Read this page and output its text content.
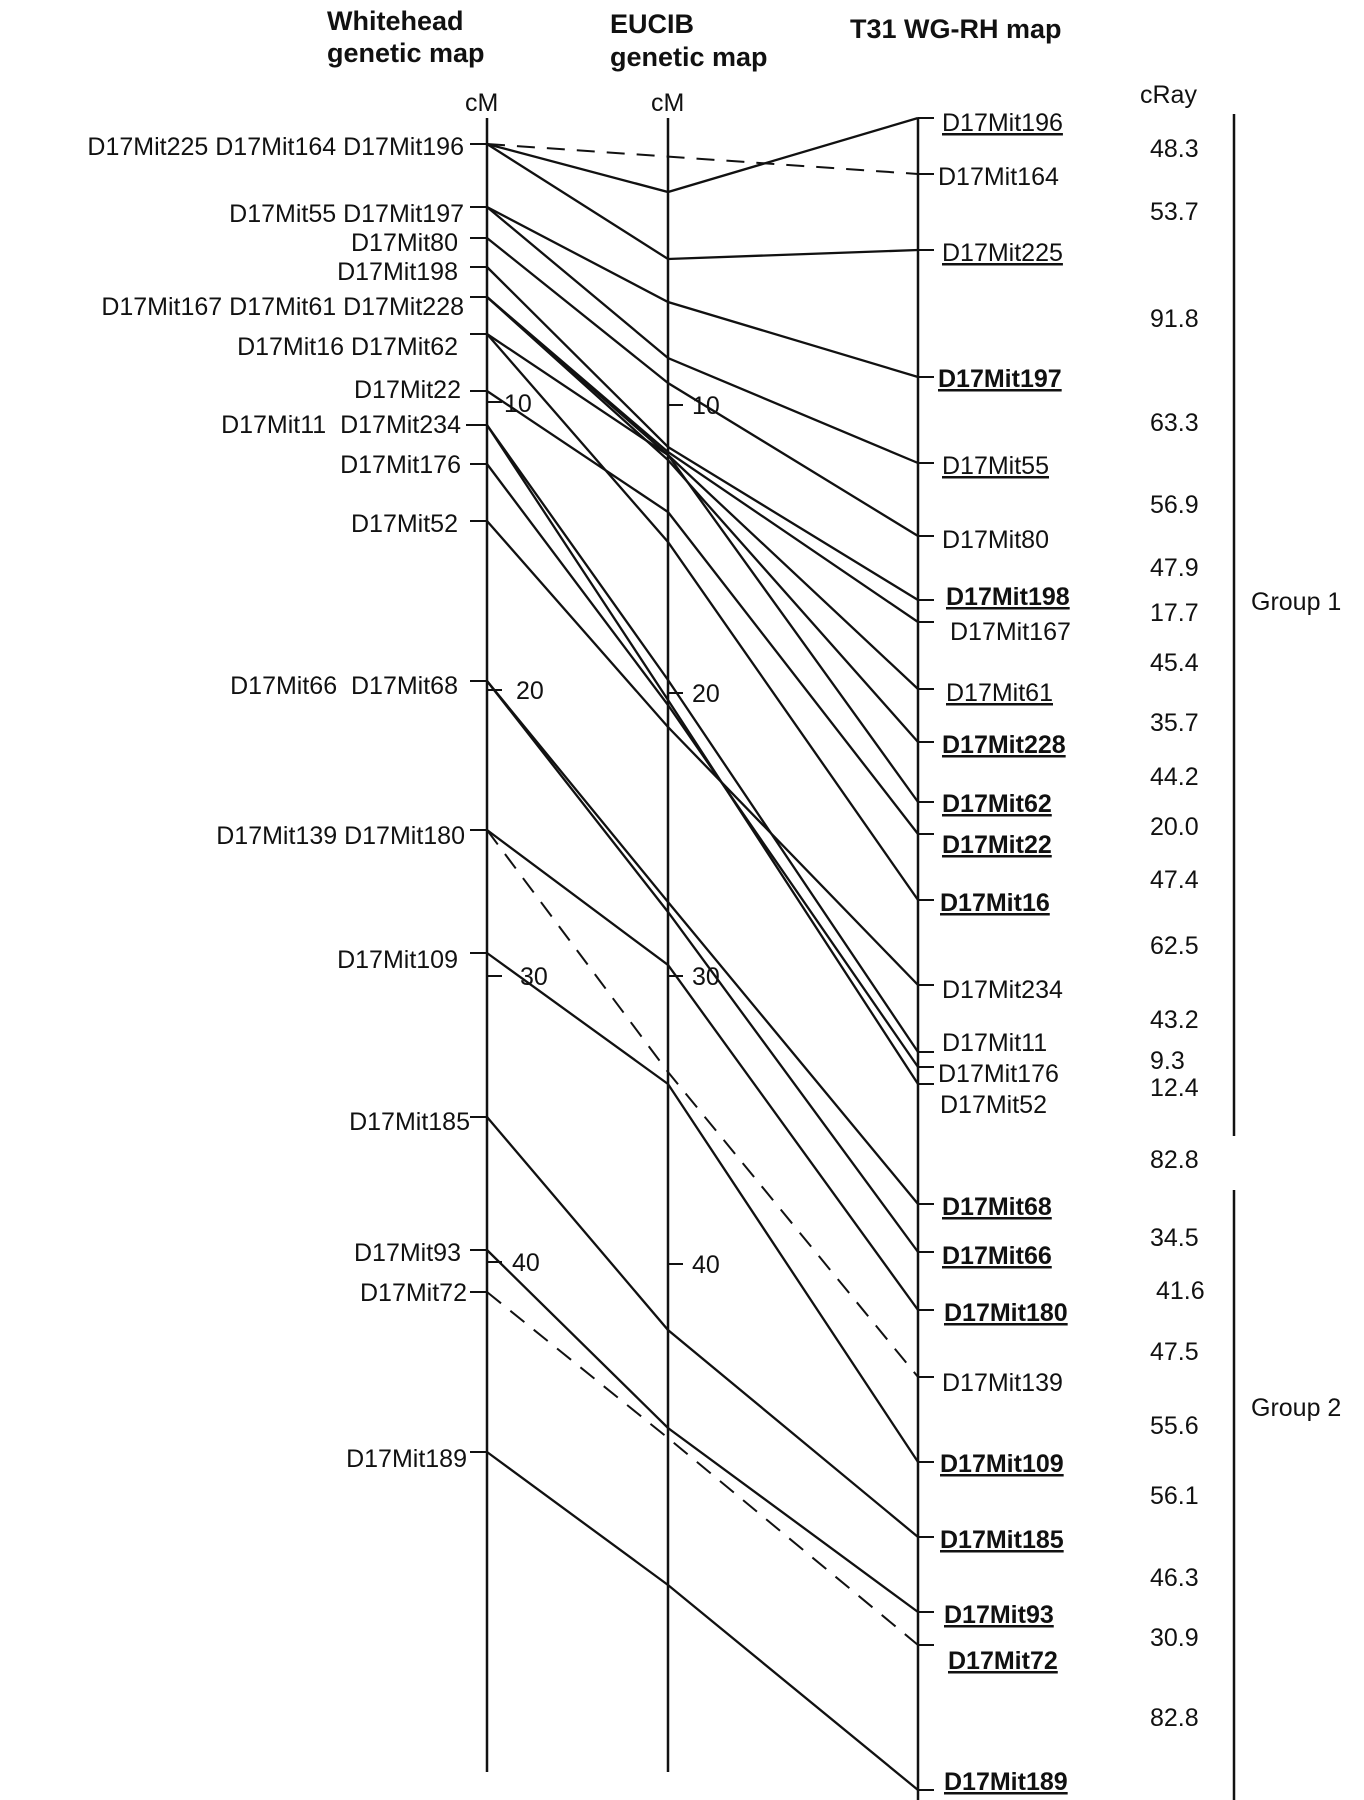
Whitehead
genetic map
EUCIB
genetic map
T31 WG-RH map
cM	cM	cRay
10
20
30
40
10
20
30
40
D17Mit225 D17Mit164 D17Mit196
D17Mit55 D17Mit197
D17Mit80
D17Mit198
D17Mit167 D17Mit61 D17Mit228
D17Mit16 D17Mit62
D17Mit22
D17Mit11  D17Mit234
D17Mit176
D17Mit52
D17Mit66  D17Mit68
D17Mit139 D17Mit180
D17Mit109
D17Mit185
D17Mit93
D17Mit72
D17Mit189
D17Mit196
D17Mit164
D17Mit225
D17Mit197
D17Mit55
D17Mit80
D17Mit198
D17Mit167
D17Mit61
D17Mit228
D17Mit62
D17Mit22
D17Mit16
D17Mit234
D17Mit11
D17Mit176
D17Mit52
D17Mit68
D17Mit66
D17Mit180
D17Mit139
D17Mit109
D17Mit185
D17Mit93
D17Mit72
D17Mit189
48.3
53.7
91.8
63.3
56.9
47.9
17.7
45.4
35.7
44.2
20.0
47.4
62.5
43.2
9.3
12.4
82.8
34.5
41.6
47.5
55.6
56.1
46.3
30.9
82.8
Group 1
Group 2
